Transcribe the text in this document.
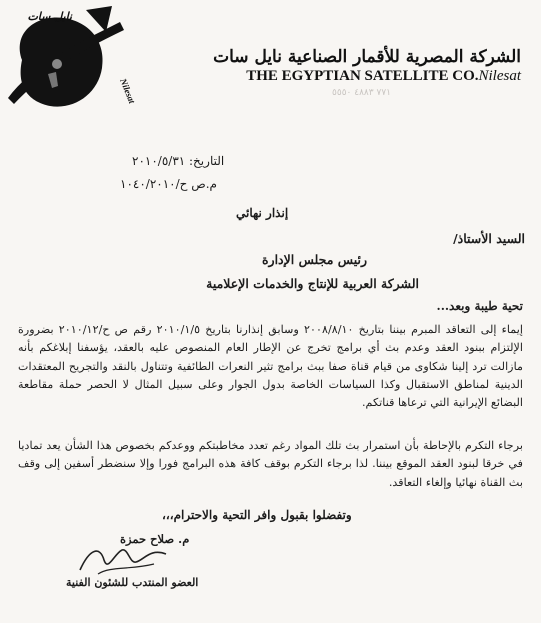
نايل سات
Nilesat
الشركة المصرية للأقمار الصناعية نايل سات
THE EGYPTIAN SATELLITE CO.Nilesat
٧٧١ ٤٨٨٣ ٥٥٥٠
التاريخ: ٢٠١٠/٥/٣١
م.ص ح/١٠٤٠/٢٠١٠
إنذار نهائي
السيد الأستاذ/
رئيس مجلس الإدارة
الشركة العربية للإنتاج والخدمات الإعلامية
تحية طيبة وبعد...
إيماء إلى التعاقد المبرم بيننا بتاريخ ٢٠٠٨/٨/١٠ وسابق إنذارنا بتاريخ ٢٠١٠/١/٥ رقم ص ح/٢٠١٠/١٢ بضرورة الإلتزام ببنود العقد وعدم بث أي برامج تخرج عن الإطار العام المنصوص عليه بالعقد، يؤسفنا إبلاغكم بأنه مازالت ترد إلينا شكاوى من قيام قناة صفا ببث برامج تثير النعرات الطائفية وتتناول بالنقد والتجريح المعتقدات الدينية لمناطق الاستقبال وكذا السياسات الخاصة بدول الجوار وعلى سبيل المثال لا الحصر حملة مقاطعة البضائع الإيرانية التي ترعاها قناتكم.
برجاء التكرم بالإحاطة بأن استمرار بث تلك المواد رغم تعدد مخاطبتكم ووعدكم بخصوص هذا الشأن يعد تماديا في خرقا لبنود العقد الموقع بيننا. لذا برجاء التكرم بوقف كافة هذه البرامج فورا وإلا سنضطر أسفين إلى وقف بث القناة نهائيا وإلغاء التعاقد.
وتفضلوا بقبول وافر التحية والاحترام،،،
م. صلاح حمزة
العضو المنتدب للشئون الفنية
